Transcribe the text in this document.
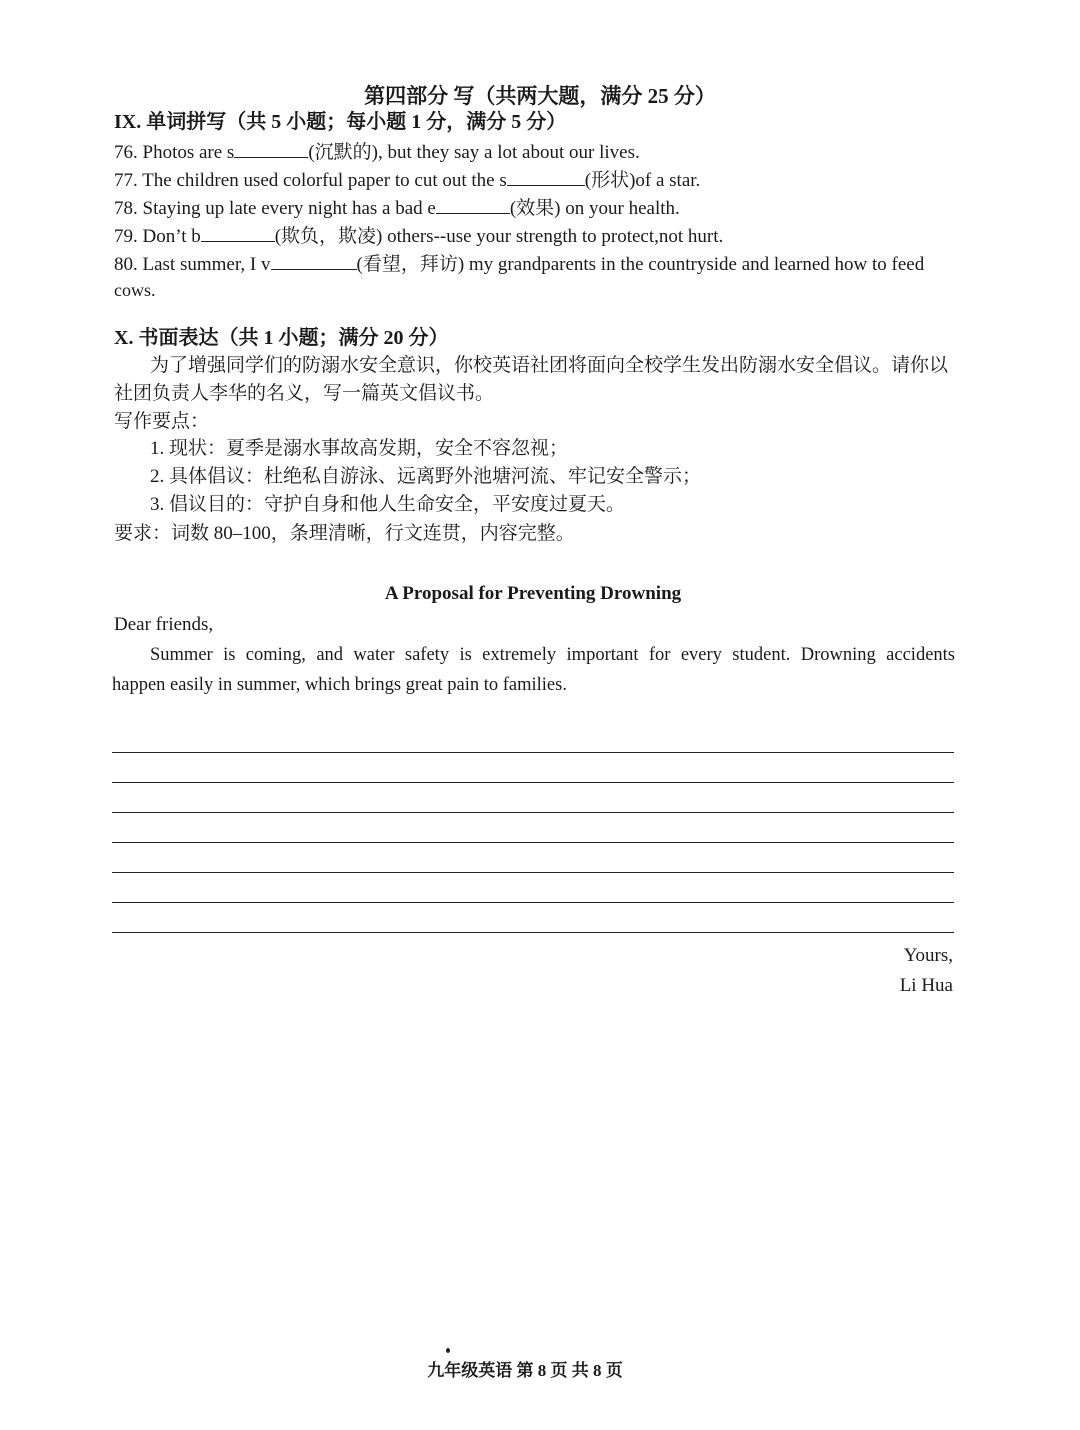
第四部分 写（共两大题，满分 25 分）
IX. 单词拼写（共 5 小题；每小题 1 分，满分 5 分）
76. Photos are s	(沉默的), but they say a lot about our lives.
77. The children used colorful paper to cut out the s	(形状)of a star.
78. Staying up late every night has a bad e	(效果) on your health.
79. Don’t b	(欺负，欺凌) others--use your strength to protect,not hurt.
80. Last summer, I v	(看望，拜访) my grandparents in the countryside and learned how to feed
cows.
X. 书面表达（共 1 小题；满分 20 分）
为了增强同学们的防溺水安全意识，你校英语社团将面向全校学生发出防溺水安全倡议。请你以
社团负责人李华的名义，写一篇英文倡议书。
写作要点：
1. 现状：夏季是溺水事故高发期，安全不容忽视；
2. 具体倡议：杜绝私自游泳、远离野外池塘河流、牢记安全警示；
3. 倡议目的：守护自身和他人生命安全，平安度过夏天。
要求：词数 80–100，条理清晰，行文连贯，内容完整。
A Proposal for Preventing Drowning
Dear friends,
Summer is coming, and water safety is extremely important for every student. Drowning accidents
happen easily in summer, which brings great pain to families.
Yours,
Li Hua
九年级英语 第 8 页 共 8 页
